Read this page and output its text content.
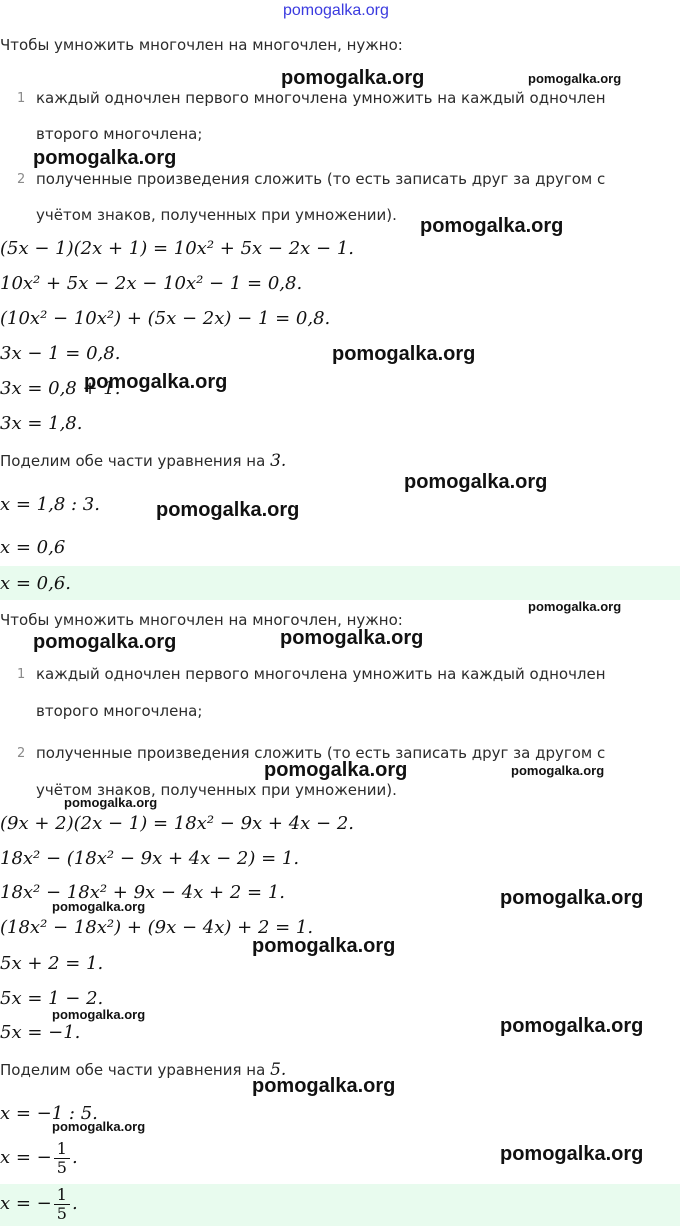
pomogalka.org
Чтобы умножить многочлен на многочлен, нужно:
1 каждый одночлен первого многочлена умножить на каждый одночлен
второго многочлена;
2 полученные произведения сложить (то есть записать друг за другом с
учётом знаков, полученных при умножении).
(5x − 1)(2x + 1) = 10x² + 5x − 2x − 1.
10x² + 5x − 2x − 10x² − 1 = 0,8.
(10x² − 10x²) + (5x − 2x) − 1 = 0,8.
3x − 1 = 0,8.
3x = 0,8 + 1.
3x = 1,8.
Поделим обе части уравнения на 3.
x = 1,8 : 3.
x = 0,6
x = 0,6.
Чтобы умножить многочлен на многочлен, нужно:
1 каждый одночлен первого многочлена умножить на каждый одночлен
второго многочлена;
2 полученные произведения сложить (то есть записать друг за другом с
учётом знаков, полученных при умножении).
(9x + 2)(2x − 1) = 18x² − 9x + 4x − 2.
18x² − (18x² − 9x + 4x − 2) = 1.
18x² − 18x² + 9x − 4x + 2 = 1.
(18x² − 18x²) + (9x − 4x) + 2 = 1.
5x + 2 = 1.
5x = 1 − 2.
5x = −1.
Поделим обе части уравнения на 5.
x = −1 : 5.
x = − $\frac{1}{5}$ .
x = − $\frac{1}{5}$ .
pomogalka.org	pomogalka.org
pomogalka.org
pomogalka.org
pomogalka.org
pomogalka.org
pomogalka.org
pomogalka.org
pomogalka.org
pomogalka.org	pomogalka.org
pomogalka.org	pomogalka.org
pomogalka.org
pomogalka.org
pomogalka.org
pomogalka.org
pomogalka.org
pomogalka.org
pomogalka.org
pomogalka.org
pomogalka.org
